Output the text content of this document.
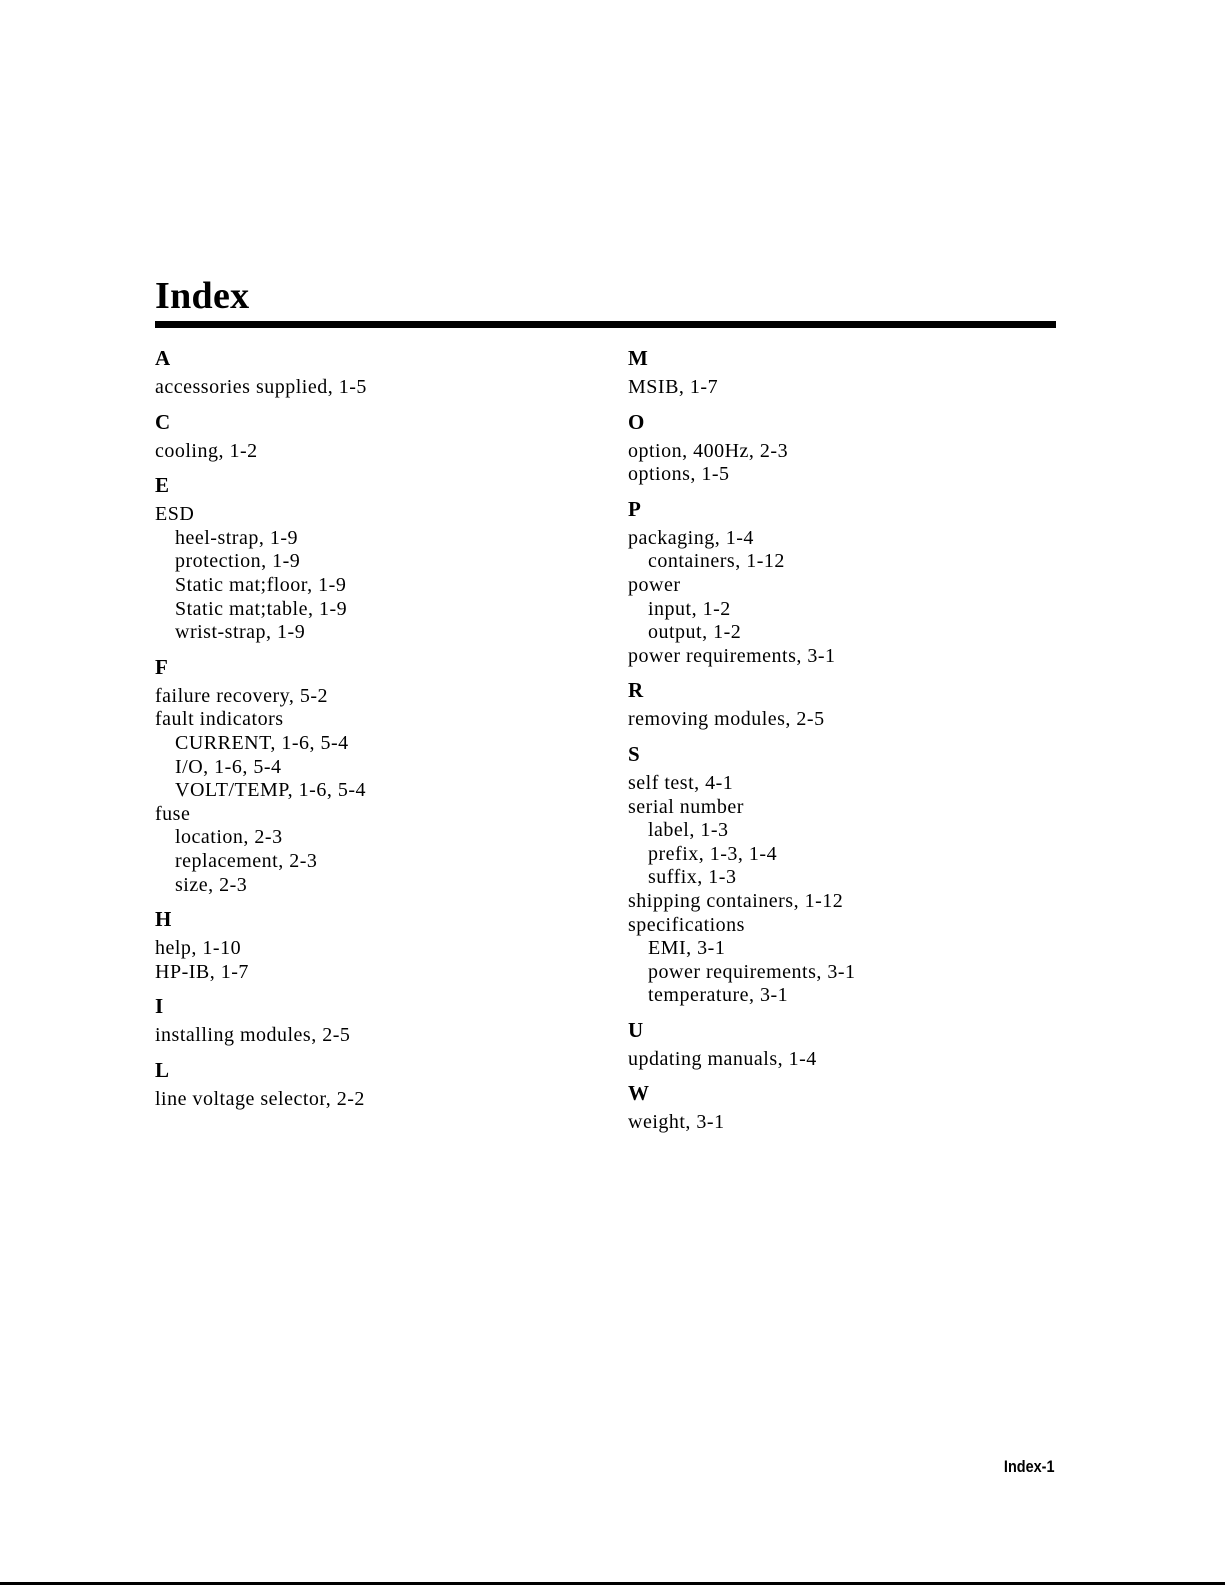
Index
A
accessories supplied, 1-5
C
cooling, 1-2
E
ESD
heel-strap, 1-9
protection, 1-9
Static mat;floor, 1-9
Static mat;table, 1-9
wrist-strap, 1-9
F
failure recovery, 5-2
fault indicators
CURRENT, 1-6, 5-4
I/O, 1-6, 5-4
VOLT/TEMP, 1-6, 5-4
fuse
location, 2-3
replacement, 2-3
size, 2-3
H
help, 1-10
HP-IB, 1-7
I
installing modules, 2-5
L
line voltage selector, 2-2
M
MSIB, 1-7
O
option, 400Hz, 2-3
options, 1-5
P
packaging, 1-4
containers, 1-12
power
input, 1-2
output, 1-2
power requirements, 3-1
R
removing modules, 2-5
S
self test, 4-1
serial number
label, 1-3
prefix, 1-3, 1-4
suffix, 1-3
shipping containers, 1-12
specifications
EMI, 3-1
power requirements, 3-1
temperature, 3-1
U
updating manuals, 1-4
W
weight, 3-1
Index-1
